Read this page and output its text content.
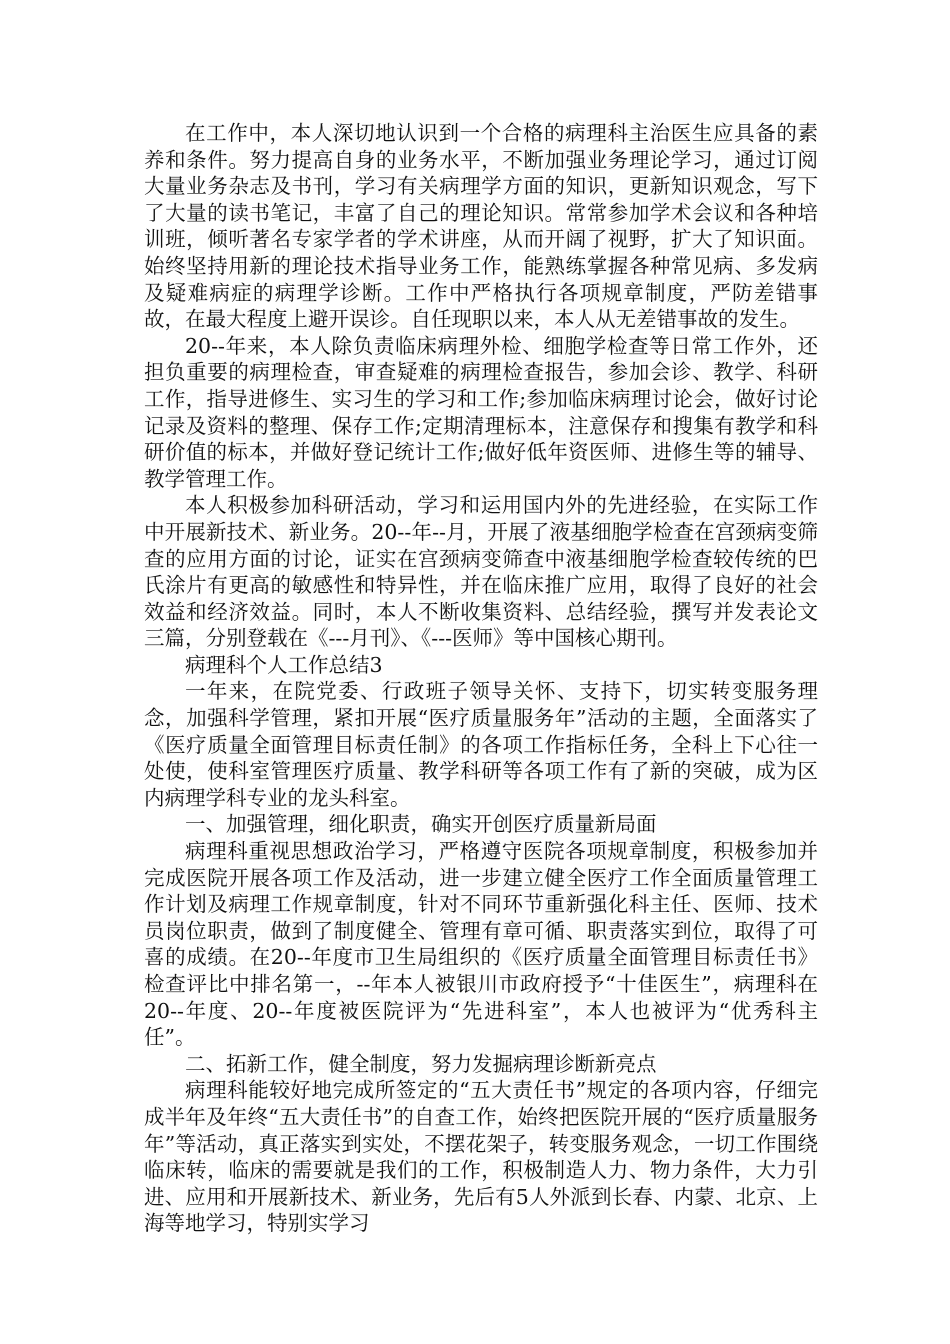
在工作中，本人深切地认识到一个合格的病理科主治医生应具备的素养和条件。努力提高自身的业务水平，不断加强业务理论学习，通过订阅大量业务杂志及书刊，学习有关病理学方面的知识，更新知识观念，写下了大量的读书笔记，丰富了自己的理论知识。常常参加学术会议和各种培训班，倾听著名专家学者的学术讲座，从而开阔了视野，扩大了知识面。始终坚持用新的理论技术指导业务工作，能熟练掌握各种常见病、多发病及疑难病症的病理学诊断。工作中严格执行各项规章制度，严防差错事故，在最大程度上避开误诊。自任现职以来，本人从无差错事故的发生。

20--年来，本人除负责临床病理外检、细胞学检查等日常工作外，还担负重要的病理检查，审查疑难的病理检查报告，参加会诊、教学、科研工作，指导进修生、实习生的学习和工作;参加临床病理讨论会，做好讨论记录及资料的整理、保存工作;定期清理标本，注意保存和搜集有教学和科研价值的标本，并做好登记统计工作;做好低年资医师、进修生等的辅导、教学管理工作。

本人积极参加科研活动，学习和运用国内外的先进经验，在实际工作中开展新技术、新业务。20--年--月，开展了液基细胞学检查在宫颈病变筛查的应用方面的讨论，证实在宫颈病变筛查中液基细胞学检查较传统的巴氏涂片有更高的敏感性和特异性，并在临床推广应用，取得了良好的社会效益和经济效益。同时，本人不断收集资料、总结经验，撰写并发表论文三篇，分别登载在《---月刊》、《---医师》等中国核心期刊。

病理科个人工作总结3

一年来，在院党委、行政班子领导关怀、支持下，切实转变服务理念，加强科学管理，紧扣开展“医疗质量服务年”活动的主题，全面落实了《医疗质量全面管理目标责任制》的各项工作指标任务，全科上下心往一处使，使科室管理医疗质量、教学科研等各项工作有了新的突破，成为区内病理学科专业的龙头科室。

一、加强管理，细化职责，确实开创医疗质量新局面

病理科重视思想政治学习，严格遵守医院各项规章制度，积极参加并完成医院开展各项工作及活动，进一步建立健全医疗工作全面质量管理工作计划及病理工作规章制度，针对不同环节重新强化科主任、医师、技术员岗位职责，做到了制度健全、管理有章可循、职责落实到位，取得了可喜的成绩。在20--年度市卫生局组织的《医疗质量全面管理目标责任书》检查评比中排名第一，--年本人被银川市政府授予“十佳医生”，病理科在20--年度、20--年度被医院评为“先进科室”，本人也被评为“优秀科主任”。

二、拓新工作，健全制度，努力发掘病理诊断新亮点

病理科能较好地完成所签定的“五大责任书”规定的各项内容，仔细完成半年及年终“五大责任书”的自查工作，始终把医院开展的“医疗质量服务年”等活动，真正落实到实处，不摆花架子，转变服务观念，一切工作围绕临床转，临床的需要就是我们的工作，积极制造人力、物力条件，大力引进、应用和开展新技术、新业务，先后有5人外派到长春、内蒙、北京、上海等地学习，特别实学习
